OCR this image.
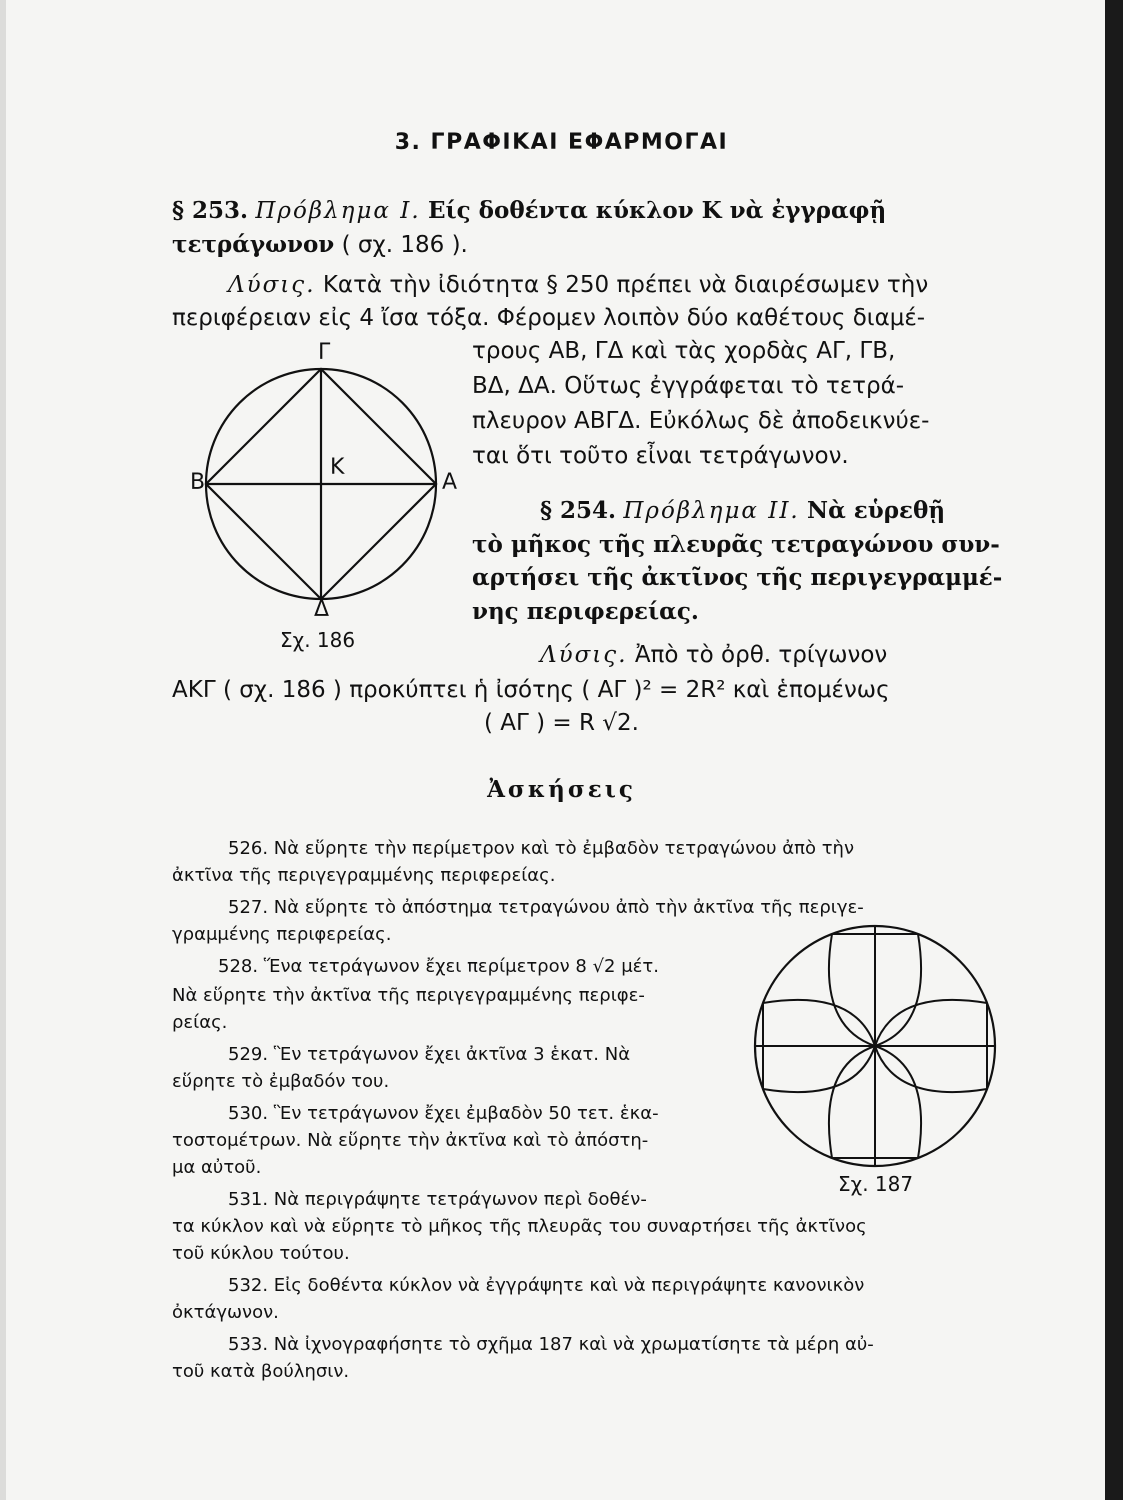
3. ΓΡΑΦΙΚΑΙ ΕΦΑΡΜΟΓΑΙ

§ 253. Πρόβλημα Ι. Είς δοθέντα κύκλον Κ νὰ ἐγγραφῇ

τετράγωνον ( σχ. 186 ).

Λύσις. Κατὰ τὴν ἰδιότητα § 250 πρέπει νὰ διαιρέσωμεν τὴν

περιφέρειαν εἰς 4 ἴσα τόξα. Φέρομεν λοιπὸν δύο καθέτους διαμέ-

τρους ΑΒ, ΓΔ καὶ τὰς χορδὰς ΑΓ, ΓΒ,

ΒΔ, ΔΑ. Οὕτως ἐγγράφεται τὸ τετρά-

πλευρον ΑΒΓΔ. Εὐκόλως δὲ ἀποδεικνύε-

ται ὅτι τοῦτο εἶναι τετράγωνον.

Γ
Δ
Β	Α
Κ
Σχ. 186

§ 254. Πρόβλημα ΙΙ. Νὰ εὑρεθῇ

τὸ μῆκος τῆς πλευρᾶς τετραγώνου συν-

αρτήσει τῆς ἀκτῖνος τῆς περιγεγραμμέ-

νης περιφερείας.

Λύσις. Ἀπὸ τὸ ὀρθ. τρίγωνον

ΑΚΓ ( σχ. 186 ) προκύπτει ἡ ἰσότης ( ΑΓ )² = 2R² καὶ ἑπομένως

( ΑΓ ) = R √2.

Ἀσκήσεις

526. Νὰ εὕρητε τὴν περίμετρον καὶ τὸ ἐμβαδὸν τετραγώνου ἀπὸ τὴν

ἀκτῖνα τῆς περιγεγραμμένης περιφερείας.

527. Νὰ εὕρητε τὸ ἀπόστημα τετραγώνου ἀπὸ τὴν ἀκτῖνα τῆς περιγε-

γραμμένης περιφερείας.

528. Ἕνα τετράγωνον ἔχει περίμετρον 8 √2 μέτ.

Νὰ εὕρητε τὴν ἀκτῖνα τῆς περιγεγραμμένης περιφε-

ρείας.

529. Ἓν τετράγωνον ἔχει ἀκτῖνα 3 ἑκατ. Νὰ

εὕρητε τὸ ἐμβαδόν του.

530. Ἓν τετράγωνον ἔχει ἐμβαδὸν 50 τετ. ἑκα-

τοστομέτρων. Νὰ εὕρητε τὴν ἀκτῖνα καὶ τὸ ἀπόστη-

μα αὐτοῦ.

531. Νὰ περιγράψητε τετράγωνον περὶ δοθέν-

τα κύκλον καὶ νὰ εὕρητε τὸ μῆκος τῆς πλευρᾶς του συναρτήσει τῆς ἀκτῖνος

τοῦ κύκλου τούτου.

532. Εἰς δοθέντα κύκλον νὰ ἐγγράψητε καὶ νὰ περιγράψητε κανονικὸν

ὀκτάγωνον.

533. Νὰ ἰχνογραφήσητε τὸ σχῆμα 187 καὶ νὰ χρωματίσητε τὰ μέρη αὐ-

τοῦ κατὰ βούλησιν.

Σχ. 187
